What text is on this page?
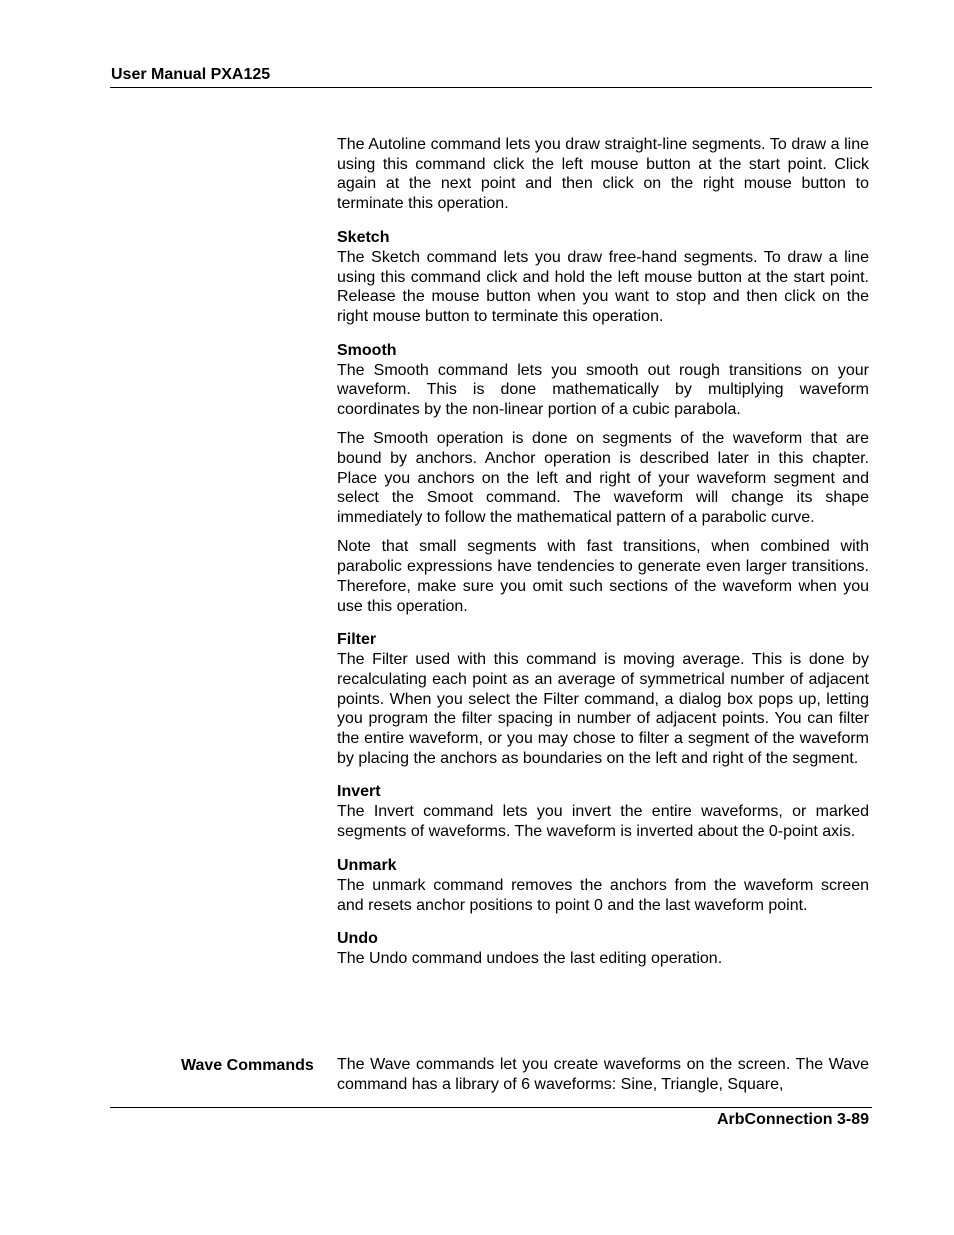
User Manual PXA125

The Autoline command lets you draw straight-line segments. To draw a line using this command click the left mouse button at the start point. Click again at the next point and then click on the right mouse button to terminate this operation.

Sketch

The Sketch command lets you draw free-hand segments. To draw a line using this command click and hold the left mouse button at the start point. Release the mouse button when you want to stop and then click on the right mouse button to terminate this operation.

Smooth

The Smooth command lets you smooth out rough transitions on your waveform. This is done mathematically by multiplying waveform coordinates by the non-linear portion of a cubic parabola.

The Smooth operation is done on segments of the waveform that are bound by anchors. Anchor operation is described later in this chapter. Place you anchors on the left and right of your waveform segment and select the Smoot command. The waveform will change its shape immediately to follow the mathematical pattern of a parabolic curve.

Note that small segments with fast transitions, when combined with parabolic expressions have tendencies to generate even larger transitions. Therefore, make sure you omit such sections of the waveform when you use this operation.

Filter

The Filter used with this command is moving average. This is done by recalculating each point as an average of symmetrical number of adjacent points. When you select the Filter command, a dialog box pops up, letting you program the filter spacing in number of adjacent points. You can filter the entire waveform, or you may chose to filter a segment of the waveform by placing the anchors as boundaries on the left and right of the segment.

Invert

The Invert command lets you invert the entire waveforms, or marked segments of waveforms. The waveform is inverted about the 0-point axis.

Unmark

The unmark command removes the anchors from the waveform screen and resets anchor positions to point 0 and the last waveform point.

Undo

The Undo command undoes the last editing operation.

Wave Commands The Wave commands let you create waveforms on the screen. The Wave command has a library of 6 waveforms: Sine, Triangle, Square,

ArbConnection 3-89
